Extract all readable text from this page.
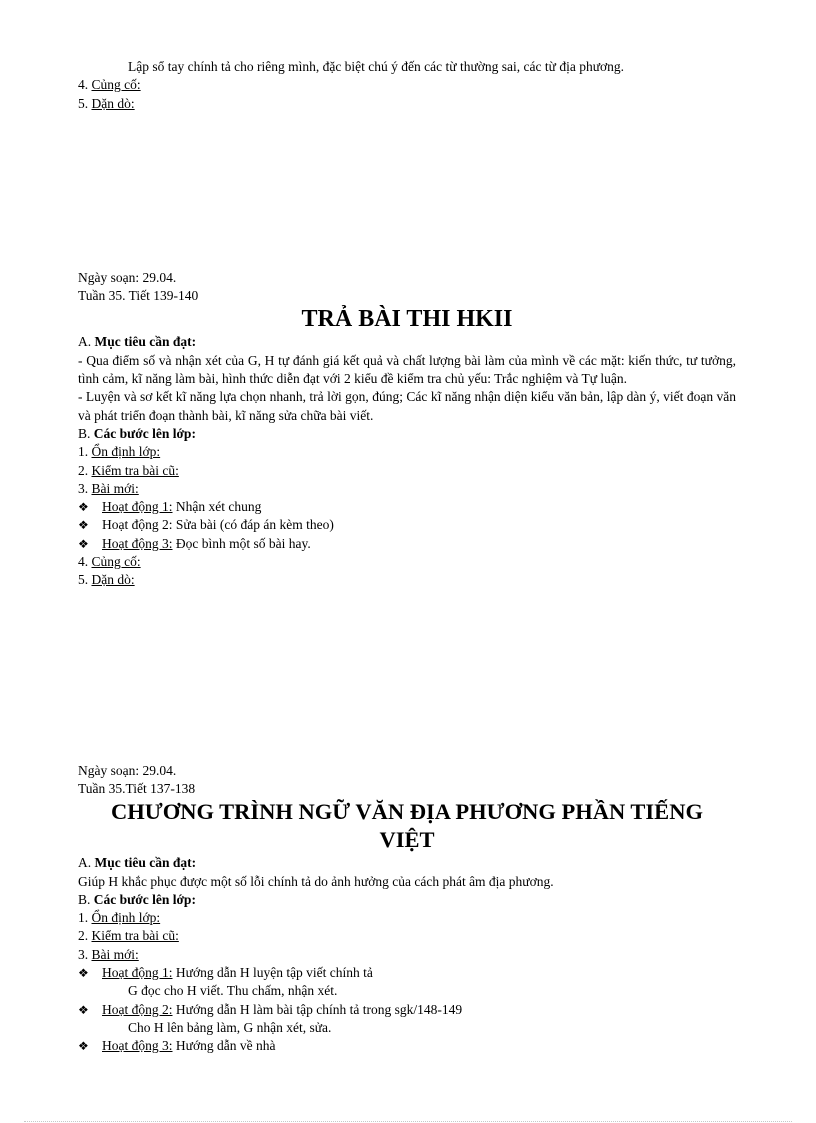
Lập sổ tay chính tả cho riêng mình, đặc biệt chú ý đến các từ thường sai, các từ địa phương.
4. Củng cố:
5. Dặn dò:
Ngày soạn: 29.04.
Tuần 35. Tiết 139-140
TRẢ BÀI THI HKII
A. Mục tiêu cần đạt:
- Qua điểm số và nhận xét của G, H tự đánh giá kết quả và chất lượng bài làm của mình về các mặt: kiến thức, tư tưởng, tình cảm, kĩ năng làm bài, hình thức diễn đạt với 2 kiểu đề kiểm tra chủ yếu: Trắc nghiệm và Tự luận.
- Luyện và sơ kết kĩ năng lựa chọn nhanh, trả lời gọn, đúng; Các kĩ năng nhận diện kiểu văn bản, lập dàn ý, viết đoạn văn và phát triển đoạn thành bài, kĩ năng sửa chữa bài viết.
B. Các bước lên lớp:
1. Ổn định lớp:
2. Kiểm tra bài cũ:
3. Bài mới:
❖ Hoạt động 1: Nhận xét chung
❖ Hoạt động 2: Sửa bài (có đáp án kèm theo)
❖ Hoạt động 3: Đọc bình một số bài hay.
4. Củng cố:
5. Dặn dò:
Ngày soạn: 29.04.
Tuần 35.Tiết 137-138
CHƯƠNG TRÌNH NGỮ VĂN ĐỊA PHƯƠNG PHẦN TIẾNG
VIỆT
A. Mục tiêu cần đạt:
Giúp H khắc phục được một số lỗi chính tả do ảnh hưởng của cách phát âm địa phương.
B. Các bước lên lớp:
1. Ổn định lớp:
2. Kiểm tra bài cũ:
3. Bài mới:
❖ Hoạt động 1: Hướng dẫn H luyện tập viết chính tả
G đọc cho H viết. Thu chấm, nhận xét.
❖ Hoạt động 2: Hướng dẫn H làm bài tập chính tả trong sgk/148-149
Cho H lên bảng làm, G nhận xét, sửa.
❖ Hoạt động 3: Hướng dẫn về nhà
